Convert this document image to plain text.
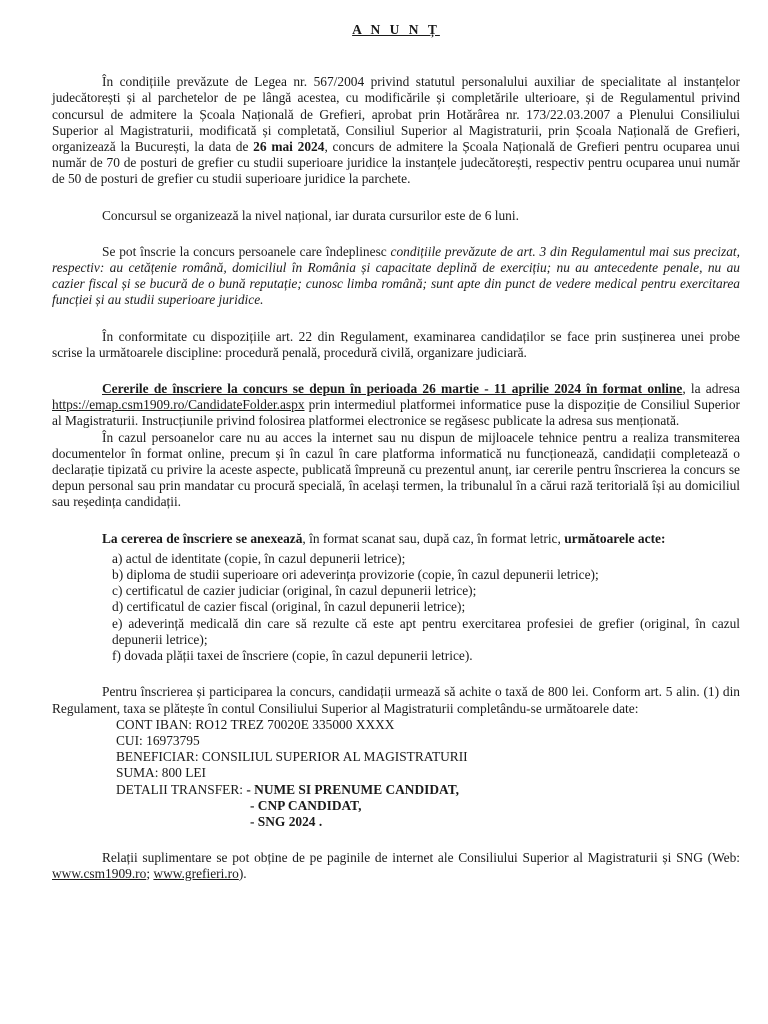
A N U N Ț

În condițiile prevăzute de Legea nr. 567/2004 privind statutul personalului auxiliar de specialitate al instanțelor judecătorești și al parchetelor de pe lângă acestea, cu modificările și completările ulterioare, și de Regulamentul privind concursul de admitere la Școala Națională de Grefieri, aprobat prin Hotărârea nr. 173/22.03.2007 a Plenului Consiliului Superior al Magistraturii, modificată și completată, Consiliul Superior al Magistraturii, prin Școala Națională de Grefieri, organizează la București, la data de 26 mai 2024, concurs de admitere la Școala Națională de Grefieri pentru ocuparea unui număr de 70 de posturi de grefier cu studii superioare juridice la instanțele judecătorești, respectiv pentru ocuparea unui număr de 50 de posturi de grefier cu studii superioare juridice la parchete.

Concursul se organizează la nivel național, iar durata cursurilor este de 6 luni.

Se pot înscrie la concurs persoanele care îndeplinesc condițiile prevăzute de art. 3 din Regulamentul mai sus precizat, respectiv: au cetățenie română, domiciliul în România și capacitate deplină de exercițiu; nu au antecedente penale, nu au cazier fiscal și se bucură de o bună reputație; cunosc limba română; sunt apte din punct de vedere medical pentru exercitarea funcției și au studii superioare juridice.

În conformitate cu dispozițiile art. 22 din Regulament, examinarea candidaților se face prin susținerea unei probe scrise la următoarele discipline: procedură penală, procedură civilă, organizare judiciară.

Cererile de înscriere la concurs se depun în perioada 26 martie - 11 aprilie 2024 în format online, la adresa https://emap.csm1909.ro/CandidateFolder.aspx prin intermediul platformei informatice puse la dispoziție de Consiliul Superior al Magistraturii. Instrucțiunile privind folosirea platformei electronice se regăsesc publicate la adresa sus menționată.

În cazul persoanelor care nu au acces la internet sau nu dispun de mijloacele tehnice pentru a realiza transmiterea documentelor în format online, precum și în cazul în care platforma informatică nu funcționează, candidații completează o declarație tipizată cu privire la aceste aspecte, publicată împreună cu prezentul anunț, iar cererile pentru înscrierea la concurs se depun personal sau prin mandatar cu procură specială, în același termen, la tribunalul în a cărui rază teritorială își au domiciliul sau reședința candidații.

La cererea de înscriere se anexează, în format scanat sau, după caz, în format letric, următoarele acte:

a) actul de identitate (copie, în cazul depunerii letrice);
b) diploma de studii superioare ori adeverința provizorie (copie, în cazul depunerii letrice);
c) certificatul de cazier judiciar (original, în cazul depunerii letrice);
d) certificatul de cazier fiscal (original, în cazul depunerii letrice);
e) adeverință medicală din care să rezulte că este apt pentru exercitarea profesiei de grefier (original, în cazul depunerii letrice);
f) dovada plății taxei de înscriere (copie, în cazul depunerii letrice).

Pentru înscrierea și participarea la concurs, candidații urmează să achite o taxă de 800 lei. Conform art. 5 alin. (1) din Regulament, taxa se plătește în contul Consiliului Superior al Magistraturii completându-se următoarele date:

CONT IBAN: RO12 TREZ 70020E 335000 XXXX
CUI: 16973795
BENEFICIAR: CONSILIUL SUPERIOR AL MAGISTRATURII
SUMA: 800 LEI
DETALII TRANSFER: - NUME SI PRENUME CANDIDAT,
- CNP CANDIDAT,
- SNG 2024 .

Relații suplimentare se pot obține de pe paginile de internet ale Consiliului Superior al Magistraturii și SNG (Web: www.csm1909.ro; www.grefieri.ro).
